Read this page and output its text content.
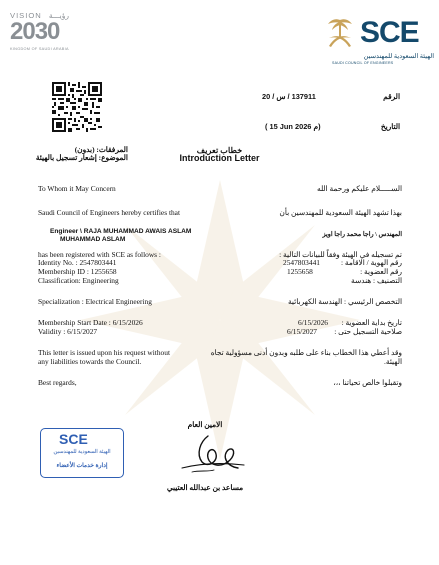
VISION رؤيـــة
2030
KINGDOM OF SAUDI ARABIA	SCE
الهيئة السعودية للمهندسين
SAUDI COUNCIL OF ENGINEERS
137911 / س / 20	الرقم
( 15 Jun 2026 م)	التاريخ
المرفقات: (بدون)
الموضوع: إشعار تسجيل بالهيئة
خطاب تعريف
Introduction Letter
To Whom it May Concern
Saudi Council of Engineers hereby certifies that
Engineer \ RAJA MUHAMMAD AWAIS ASLAM
MUHAMMAD ASLAM
has been registered with SCE as follows :
Identity No. : 2547803441
Membership ID : 1255658
Classification: Engineering
Specialization : Electrical Engineering
Membership Start Date : 6/15/2026
Validity : 6/15/2027
This letter is issued upon his request without
any liabilities towards the Council.
Best regards,
الســـــلام عليكم ورحمة الله
بهذا تشهد الهيئة السعودية للمهندسين بأن
المهندس \ راجا محمد راجا اويز
تم تسجيله في الهيئة وفقاً للبيانات التالية :
رقم الهوية / الاقامة :
2547803441
رقم العضوية :
1255658
التصنيف : هندسة
التخصص الرئيسي : الهندسة الكهربائية
تاريخ بداية العضوية :
6/15/2026
صلاحية التسجيل حتى :
6/15/2027
وقد أعطي هذا الخطاب بناء على طلبه وبدون أدنى مسؤولية تجاه
الهيئة.
وتقبلوا خالص تحياتنا ،،،
الامين العام
مساعد بن عبدالله العتيبي
SCE
الهيئة السعودية للمهندسين
إدارة خدمات الأعضاء
